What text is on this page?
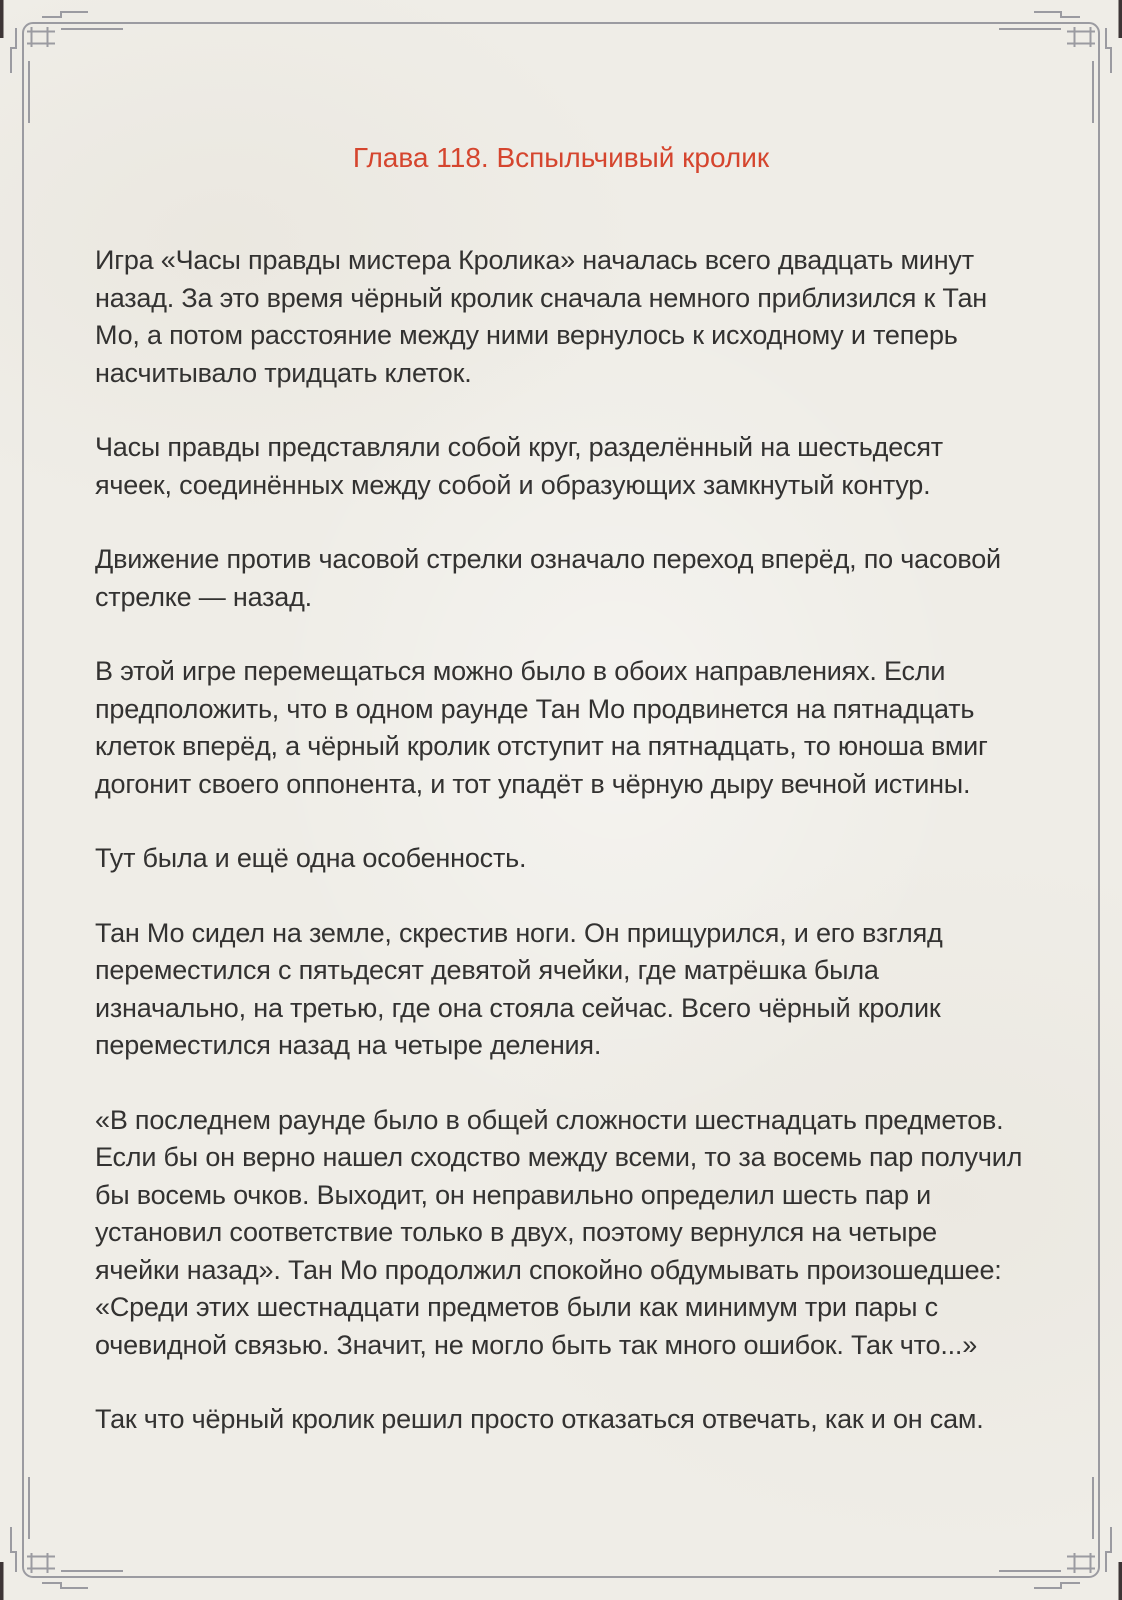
Глава 118. Вспыльчивый кролик

Игра «Часы правды мистера Кролика» началась всего двадцать минут назад. За это время чёрный кролик сначала немного приблизился к Тан Мо, а потом расстояние между ними вернулось к исходному и теперь насчитывало тридцать клеток.

Часы правды представляли собой круг, разделённый на шестьдесят ячеек, соединённых между собой и образующих замкнутый контур.

Движение против часовой стрелки означало переход вперёд, по часовой стрелке — назад.

В этой игре перемещаться можно было в обоих направлениях. Если предположить, что в одном раунде Тан Мо продвинется на пятнадцать клеток вперёд, а чёрный кролик отступит на пятнадцать, то юноша вмиг догонит своего оппонента, и тот упадёт в чёрную дыру вечной истины.

Тут была и ещё одна особенность.

Тан Мо сидел на земле, скрестив ноги. Он прищурился, и его взгляд переместился с пятьдесят девятой ячейки, где матрёшка была изначально, на третью, где она стояла сейчас. Всего чёрный кролик переместился назад на четыре деления.

«В последнем раунде было в общей сложности шестнадцать предметов. Если бы он верно нашел сходство между всеми, то за восемь пар получил бы восемь очков. Выходит, он неправильно определил шесть пар и установил соответствие только в двух, поэтому вернулся на четыре ячейки назад». Тан Мо продолжил спокойно обдумывать произошедшее: «Среди этих шестнадцати предметов были как минимум три пары с очевидной связью. Значит, не могло быть так много ошибок. Так что...»

Так что чёрный кролик решил просто отказаться отвечать, как и он сам.
